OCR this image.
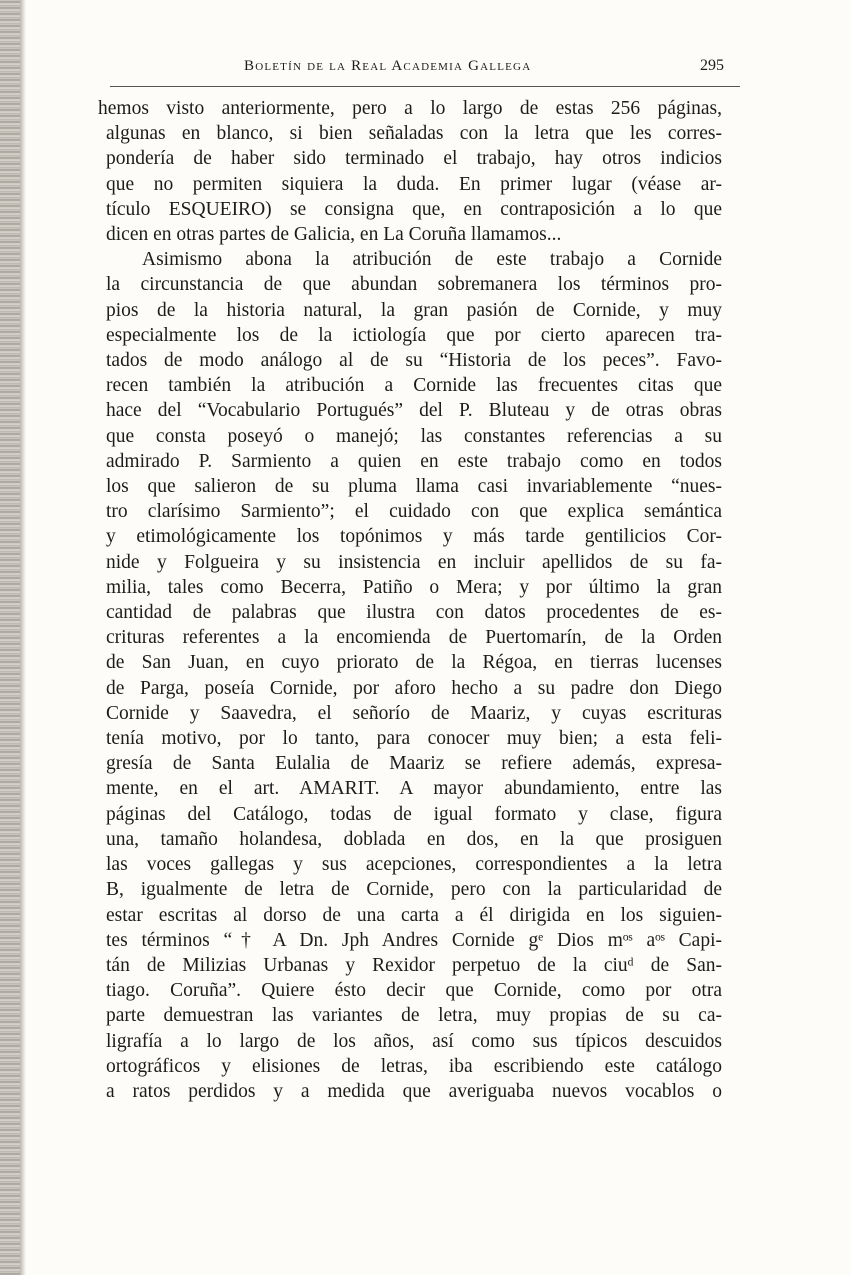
Boletín de la Real Academia Gallega	295
hemos visto anteriormente, pero a lo largo de estas 256 páginas,
algunas en blanco, si bien señaladas con la letra que les corres-
pondería de haber sido terminado el trabajo, hay otros indicios
que no permiten siquiera la duda. En primer lugar (véase ar-
tículo ESQUEIRO) se consigna que, en contraposición a lo que
dicen en otras partes de Galicia, en La Coruña llamamos...
Asimismo abona la atribución de este trabajo a Cornide
la circunstancia de que abundan sobremanera los términos pro-
pios de la historia natural, la gran pasión de Cornide, y muy
especialmente los de la ictiología que por cierto aparecen tra-
tados de modo análogo al de su “Historia de los peces”. Favo-
recen también la atribución a Cornide las frecuentes citas que
hace del “Vocabulario Portugués” del P. Bluteau y de otras obras
que consta poseyó o manejó; las constantes referencias a su
admirado P. Sarmiento a quien en este trabajo como en todos
los que salieron de su pluma llama casi invariablemente “nues-
tro clarísimo Sarmiento”; el cuidado con que explica semántica
y etimológicamente los topónimos y más tarde gentilicios Cor-
nide y Folgueira y su insistencia en incluir apellidos de su fa-
milia, tales como Becerra, Patiño o Mera; y por último la gran
cantidad de palabras que ilustra con datos procedentes de es-
crituras referentes a la encomienda de Puertomarín, de la Orden
de San Juan, en cuyo priorato de la Régoa, en tierras lucenses
de Parga, poseía Cornide, por aforo hecho a su padre don Diego
Cornide y Saavedra, el señorío de Maariz, y cuyas escrituras
tenía motivo, por lo tanto, para conocer muy bien; a esta feli-
gresía de Santa Eulalia de Maariz se refiere además, expresa-
mente, en el art. AMARIT. A mayor abundamiento, entre las
páginas del Catálogo, todas de igual formato y clase, figura
una, tamaño holandesa, doblada en dos, en la que prosiguen
las voces gallegas y sus acepciones, correspondientes a la letra
B, igualmente de letra de Cornide, pero con la particularidad de
estar escritas al dorso de una carta a él dirigida en los siguien-
tes términos “† A Dn. Jph Andres Cornide gᵉ Dios mᵒˢ aᵒˢ Capi-
tán de Milizias Urbanas y Rexidor perpetuo de la ciuᵈ de San-
tiago. Coruña”. Quiere ésto decir que Cornide, como por otra
parte demuestran las variantes de letra, muy propias de su ca-
ligrafía a lo largo de los años, así como sus típicos descuidos
ortográficos y elisiones de letras, iba escribiendo este catálogo
a ratos perdidos y a medida que averiguaba nuevos vocablos o
